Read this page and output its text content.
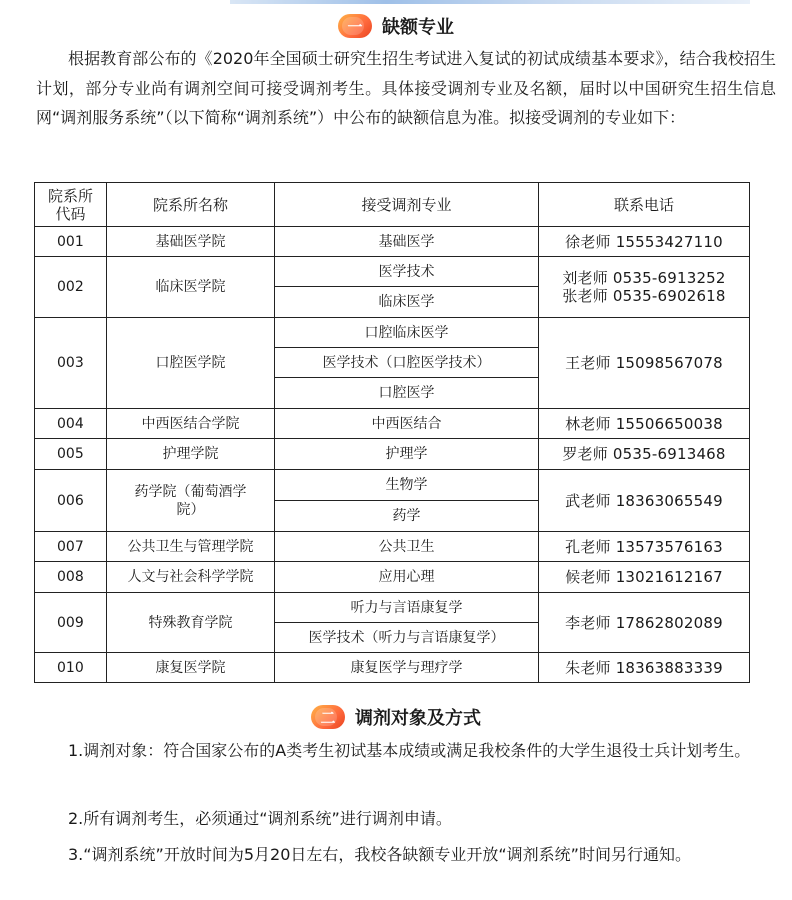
一	缺额专业
根据教育部公布的《2020年全国硕士研究生招生考试进入复试的初试成绩基本要求》，结合我校招生计划，部分专业尚有调剂空间可接受调剂考生。具体接受调剂专业及名额，届时以中国研究生招生信息网“调剂服务系统”（以下简称“调剂系统”）中公布的缺额信息为准。拟接受调剂的专业如下：
院系所
代码	院系所名称	接受调剂专业	联系电话
001	基础医学院	基础医学	徐老师 15553427110
002	临床医学院	医学技术	刘老师 0535-6913252
张老师 0535-6902618
		临床医学	
003	口腔医学院	口腔临床医学	王老师 15098567078
		医学技术（口腔医学技术）	
		口腔医学	
004	中西医结合学院	中西医结合	林老师 15506650038
005	护理学院	护理学	罗老师 0535-6913468
006	药学院（葡萄酒学
院）	生物学	武老师 18363065549
		药学	
007	公共卫生与管理学院	公共卫生	孔老师 13573576163
008	人文与社会科学学院	应用心理	候老师 13021612167
009	特殊教育学院	听力与言语康复学	李老师 17862802089
		医学技术（听力与言语康复学）	
010	康复医学院	康复医学与理疗学	朱老师 18363883339
二	调剂对象及方式
1.调剂对象：符合国家公布的A类考生初试基本成绩或满足我校条件的大学生退役士兵计划考生。
2.所有调剂考生，必须通过“调剂系统”进行调剂申请。
3.“调剂系统”开放时间为5月20日左右，我校各缺额专业开放“调剂系统”时间另行通知。
